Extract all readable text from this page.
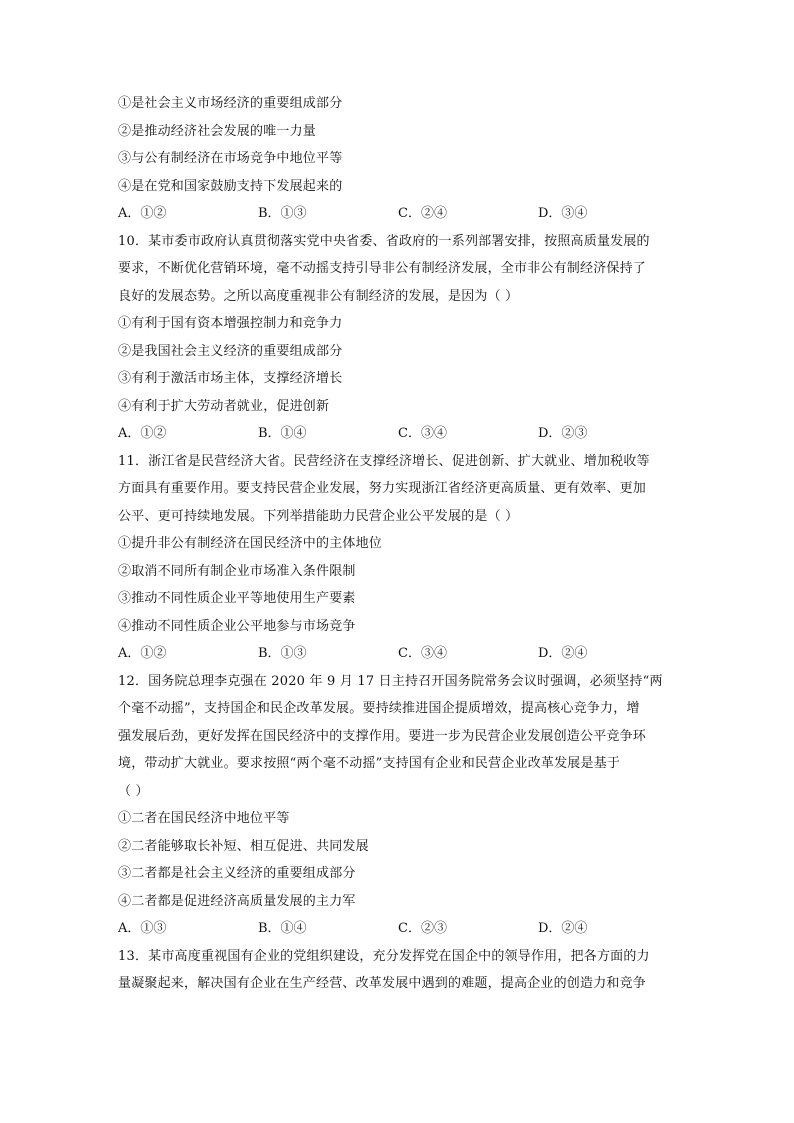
①是社会主义市场经济的重要组成部分
②是推动经济社会发展的唯一力量
③与公有制经济在市场竞争中地位平等
④是在党和国家鼓励支持下发展起来的
A．①②	B．①③	C．②④	D．③④
10．某市委市政府认真贯彻落实党中央省委、省政府的一系列部署安排，按照高质量发展的
要求，不断优化营销环境，毫不动摇支持引导非公有制经济发展，全市非公有制经济保持了
良好的发展态势。之所以高度重视非公有制经济的发展，是因为（ ）
①有利于国有资本增强控制力和竞争力
②是我国社会主义经济的重要组成部分
③有利于激活市场主体，支撑经济增长
④有利于扩大劳动者就业，促进创新
A．①②	B．①④	C．③④	D．②③
11．浙江省是民营经济大省。民营经济在支撑经济增长、促进创新、扩大就业、增加税收等
方面具有重要作用。要支持民营企业发展，努力实现浙江省经济更高质量、更有效率、更加
公平、更可持续地发展。下列举措能助力民营企业公平发展的是（ ）
①提升非公有制经济在国民经济中的主体地位
②取消不同所有制企业市场准入条件限制
③推动不同性质企业平等地使用生产要素
④推动不同性质企业公平地参与市场竞争
A．①②	B．①③	C．③④	D．②④
12．国务院总理李克强在 2020 年 9 月 17 日主持召开国务院常务会议时强调，必须坚持“两
个毫不动摇”，支持国企和民企改革发展。要持续推进国企提质增效，提高核心竞争力，增
强发展后劲，更好发挥在国民经济中的支撑作用。要进一步为民营企业发展创造公平竞争环
境，带动扩大就业。要求按照“两个毫不动摇”支持国有企业和民营企业改革发展是基于
（ ）
①二者在国民经济中地位平等
②二者能够取长补短、相互促进、共同发展
③二者都是社会主义经济的重要组成部分
④二者都是促进经济高质量发展的主力军
A．①③	B．①④	C．②③	D．②④
13．某市高度重视国有企业的党组织建设，充分发挥党在国企中的领导作用，把各方面的力
量凝聚起来，解决国有企业在生产经营、改革发展中遇到的难题，提高企业的创造力和竞争
